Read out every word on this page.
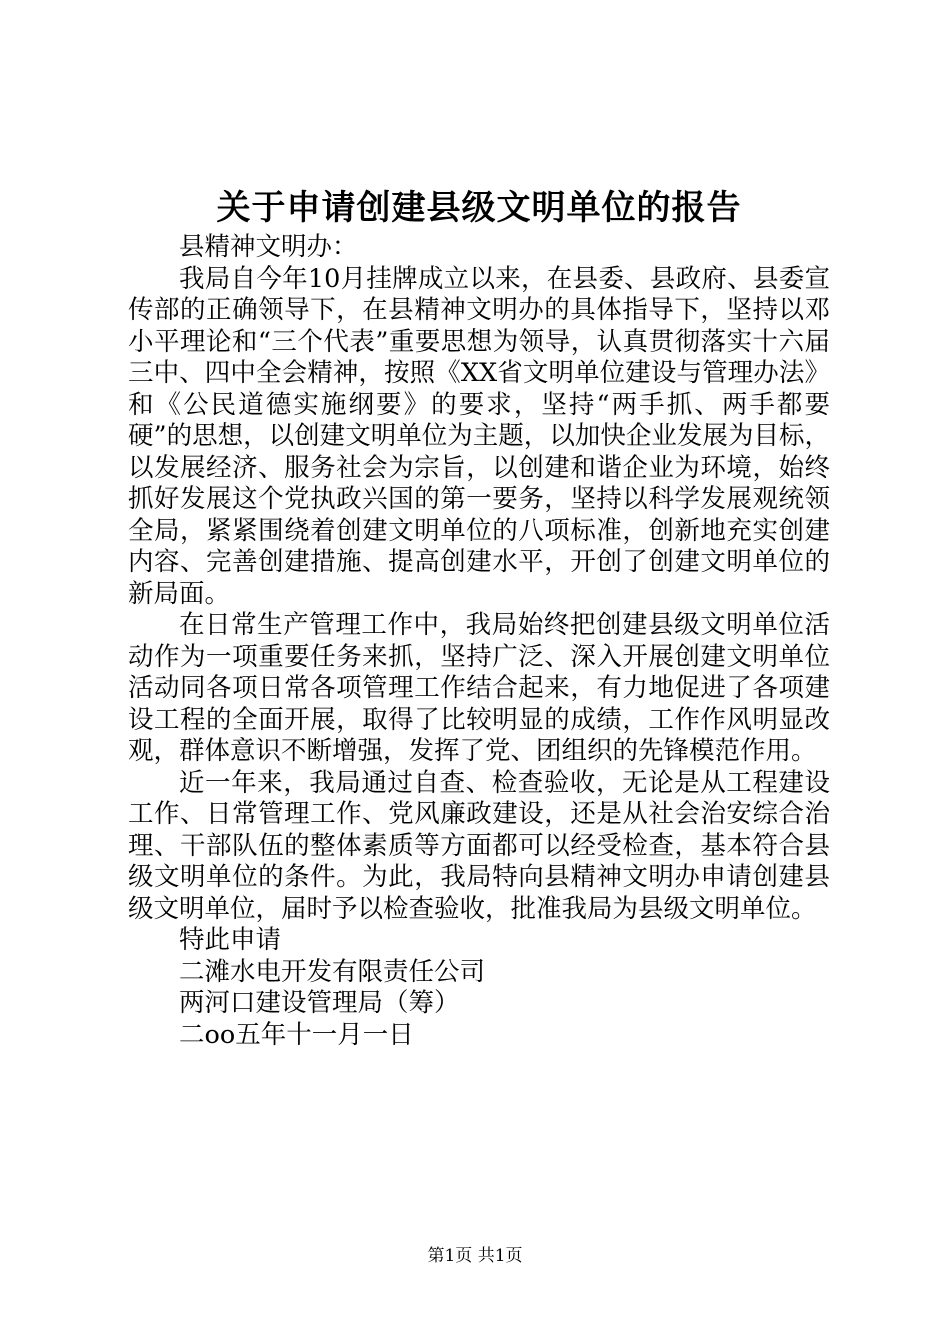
关于申请创建县级文明单位的报告

县精神文明办：

我局自今年10月挂牌成立以来，在县委、县政府、县委宣传部的正确领导下，在县精神文明办的具体指导下，坚持以邓小平理论和“三个代表”重要思想为领导，认真贯彻落实十六届三中、四中全会精神，按照《XX省文明单位建设与管理办法》和《公民道德实施纲要》的要求，坚持“两手抓、两手都要硬”的思想，以创建文明单位为主题，以加快企业发展为目标，以发展经济、服务社会为宗旨，以创建和谐企业为环境，始终抓好发展这个党执政兴国的第一要务，坚持以科学发展观统领全局，紧紧围绕着创建文明单位的八项标准，创新地充实创建内容、完善创建措施、提高创建水平，开创了创建文明单位的新局面。

在日常生产管理工作中，我局始终把创建县级文明单位活动作为一项重要任务来抓，坚持广泛、深入开展创建文明单位活动同各项日常各项管理工作结合起来，有力地促进了各项建设工程的全面开展，取得了比较明显的成绩，工作作风明显改观，群体意识不断增强，发挥了党、团组织的先锋模范作用。

近一年来，我局通过自查、检查验收，无论是从工程建设工作、日常管理工作、党风廉政建设，还是从社会治安综合治理、干部队伍的整体素质等方面都可以经受检查，基本符合县级文明单位的条件。为此，我局特向县精神文明办申请创建县级文明单位，届时予以检查验收，批准我局为县级文明单位。

特此申请

二滩水电开发有限责任公司

两河口建设管理局（筹）

二oo五年十一月一日

第1页 共1页
